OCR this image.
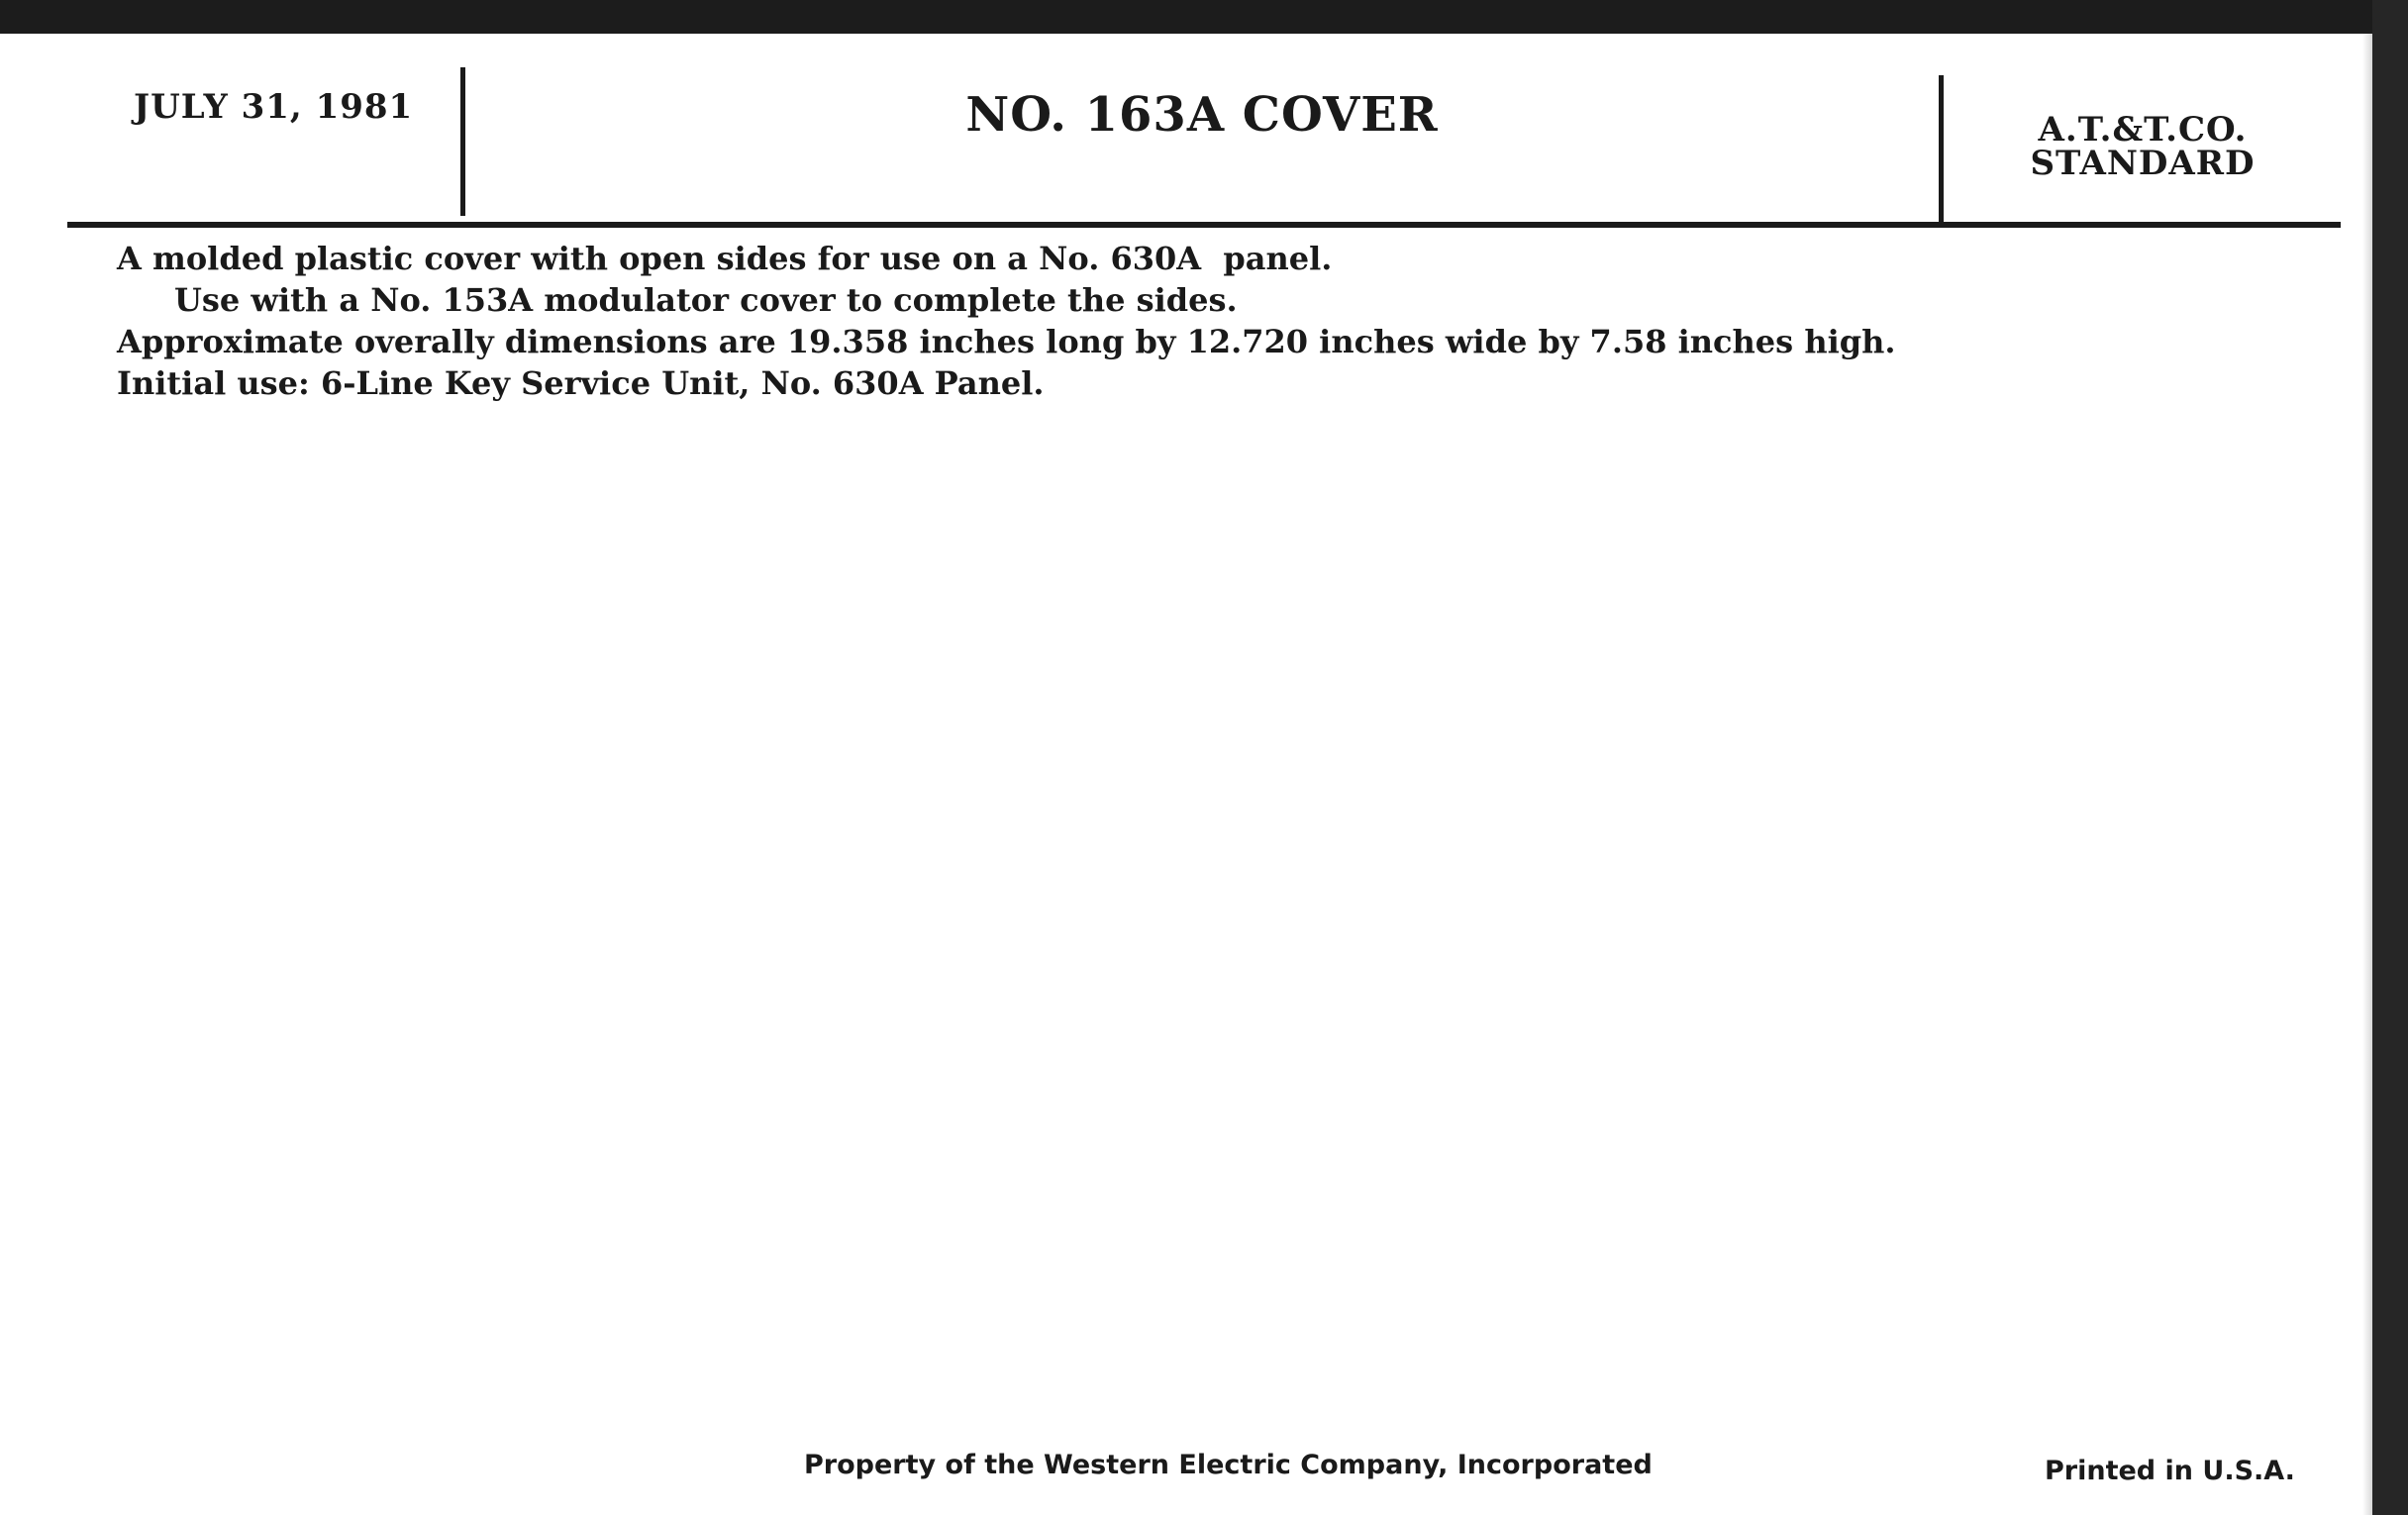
JULY 31, 1981	NO. 163A COVER	A.T.&T.CO.
STANDARD
A molded plastic cover with open sides for use on a No. 630A  panel.
Use with a No. 153A modulator cover to complete the sides.
Approximate overally dimensions are 19.358 inches long by 12.720 inches wide by 7.58 inches high.
Initial use: 6-Line Key Service Unit, No. 630A Panel.
Property of the Western Electric Company, Incorporated	Printed in U.S.A.
